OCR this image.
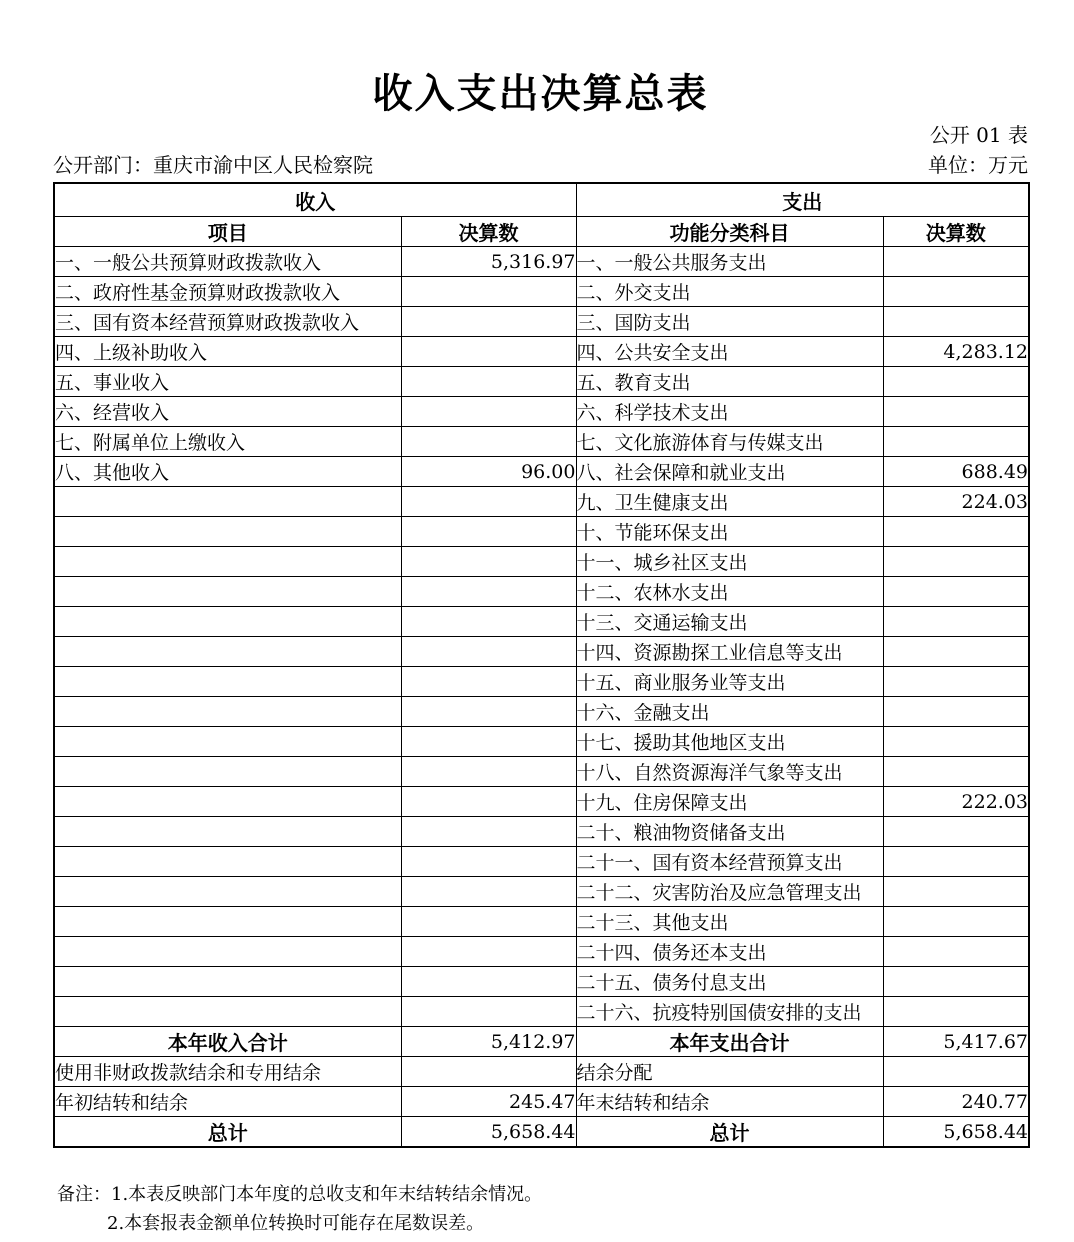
收入支出决算总表
公开 01 表
公开部门：重庆市渝中区人民检察院	单位：万元
收入		支出	
项目	决算数	功能分类科目	决算数
一、一般公共预算财政拨款收入	5,316.97	一、一般公共服务支出	
二、政府性基金预算财政拨款收入		二、外交支出	
三、国有资本经营预算财政拨款收入		三、国防支出	
四、上级补助收入		四、公共安全支出	4,283.12
五、事业收入		五、教育支出	
六、经营收入		六、科学技术支出	
七、附属单位上缴收入		七、文化旅游体育与传媒支出	
八、其他收入	96.00	八、社会保障和就业支出	688.49
		九、卫生健康支出	224.03
		十、节能环保支出	
		十一、城乡社区支出	
		十二、农林水支出	
		十三、交通运输支出	
		十四、资源勘探工业信息等支出	
		十五、商业服务业等支出	
		十六、金融支出	
		十七、援助其他地区支出	
		十八、自然资源海洋气象等支出	
		十九、住房保障支出	222.03
		二十、粮油物资储备支出	
		二十一、国有资本经营预算支出	
		二十二、灾害防治及应急管理支出	
		二十三、其他支出	
		二十四、债务还本支出	
		二十五、债务付息支出	
		二十六、抗疫特别国债安排的支出	
本年收入合计	5,412.97	本年支出合计	5,417.67
使用非财政拨款结余和专用结余		结余分配	
年初结转和结余	245.47	年末结转和结余	240.77
总计	5,658.44	总计	5,658.44
备注：1.本表反映部门本年度的总收支和年末结转结余情况。
2.本套报表金额单位转换时可能存在尾数误差。
